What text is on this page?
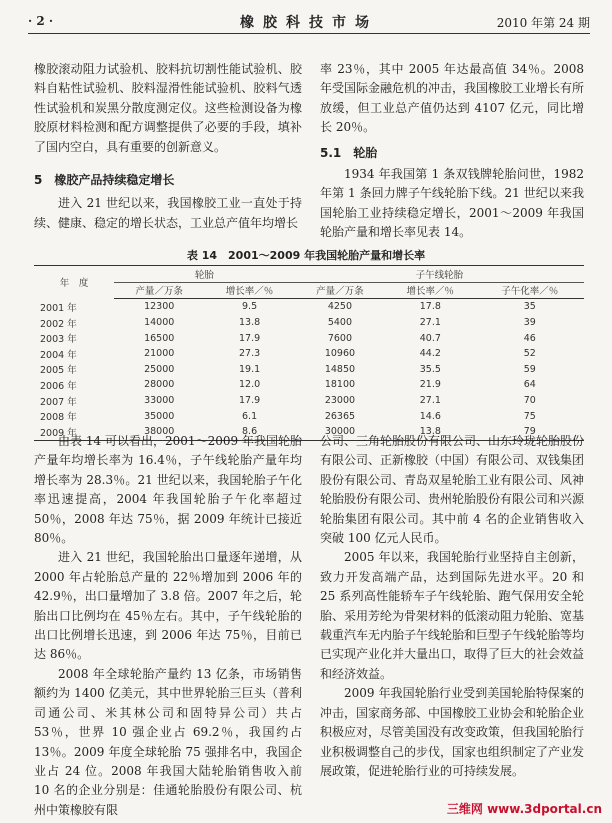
· 2 ·	橡胶科技市场	2010 年第 24 期

橡胶滚动阻力试验机、胶料抗切割性能试验机、胶料自粘性试验机、胶料湿滑性能试验机、胶料气透性试验机和炭黑分散度测定仪。这些检测设备为橡胶原材料检测和配方调整提供了必要的手段，填补了国内空白，具有重要的创新意义。

5　橡胶产品持续稳定增长

进入 21 世纪以来，我国橡胶工业一直处于持续、健康、稳定的增长状态，工业总产值年均增长

率 23％，其中 2005 年达最高值 34％。2008 年受国际金融危机的冲击，我国橡胶工业增长有所放缓，但工业总产值仍达到 4107 亿元，同比增长 20％。

5.1　轮胎

1934 年我国第 1 条双钱牌轮胎问世，1982 年第 1 条回力牌子午线轮胎下线。21 世纪以来我国轮胎工业持续稳定增长，2001～2009 年我国轮胎产量和增长率见表 14。

表 14　2001～2009 年我国轮胎产量和增长率
年　度	轮胎		子午线轮胎		
	产量／万条	增长率／％	产量／万条	增长率／％	子午化率／％
2001 年	12300	9.5	4250	17.8	35
2002 年	14000	13.8	5400	27.1	39
2003 年	16500	17.9	7600	40.7	46
2004 年	21000	27.3	10960	44.2	52
2005 年	25000	19.1	14850	35.5	59
2006 年	28000	12.0	18100	21.9	64
2007 年	33000	17.9	23000	27.1	70
2008 年	35000	6.1	26365	14.6	75
2009 年	38000	8.6	30000	13.8	79

由表 14 可以看出，2001～2009 年我国轮胎产量年均增长率为 16.4％，子午线轮胎产量年均增长率为 28.3％。21 世纪以来，我国轮胎子午化率迅速提高，2004 年我国轮胎子午化率超过 50％，2008 年达 75％，据 2009 年统计已接近 80％。

进入 21 世纪，我国轮胎出口量逐年递增，从 2000 年占轮胎总产量的 22％增加到 2006 年的 42.9％，出口量增加了 3.8 倍。2007 年之后，轮胎出口比例均在 45％左右。其中，子午线轮胎的出口比例增长迅速，到 2006 年达 75％，目前已达 86％。

2008 年全球轮胎产量约 13 亿条，市场销售额约为 1400 亿美元，其中世界轮胎三巨头（普利司通公司、米其林公司和固特异公司）共占 53％，世界 10 强企业占 69.2％，我国约占 13％。2009 年度全球轮胎 75 强排名中，我国企业占 24 位。2008 年我国大陆轮胎销售收入前 10 名的企业分别是：佳通轮胎股份有限公司、杭州中策橡胶有限

公司、三角轮胎股份有限公司、山东玲珑轮胎股份有限公司、正新橡胶（中国）有限公司、双钱集团股份有限公司、青岛双星轮胎工业有限公司、风神轮胎股份有限公司、贵州轮胎股份有限公司和兴源轮胎集团有限公司。其中前 4 名的企业销售收入突破 100 亿元人民币。

2005 年以来，我国轮胎行业坚持自主创新，致力开发高端产品，达到国际先进水平。20 和 25 系列高性能轿车子午线轮胎、跑气保用安全轮胎、采用芳纶为骨架材料的低滚动阻力轮胎、宽基载重汽车无内胎子午线轮胎和巨型子午线轮胎等均已实现产业化并大量出口，取得了巨大的社会效益和经济效益。

2009 年我国轮胎行业受到美国轮胎特保案的冲击，国家商务部、中国橡胶工业协会和轮胎企业积极应对，尽管美国没有改变政策，但我国轮胎行业积极调整自己的步伐，国家也组织制定了产业发展政策，促进轮胎行业的可持续发展。

三维网 www.3dportal.cn
